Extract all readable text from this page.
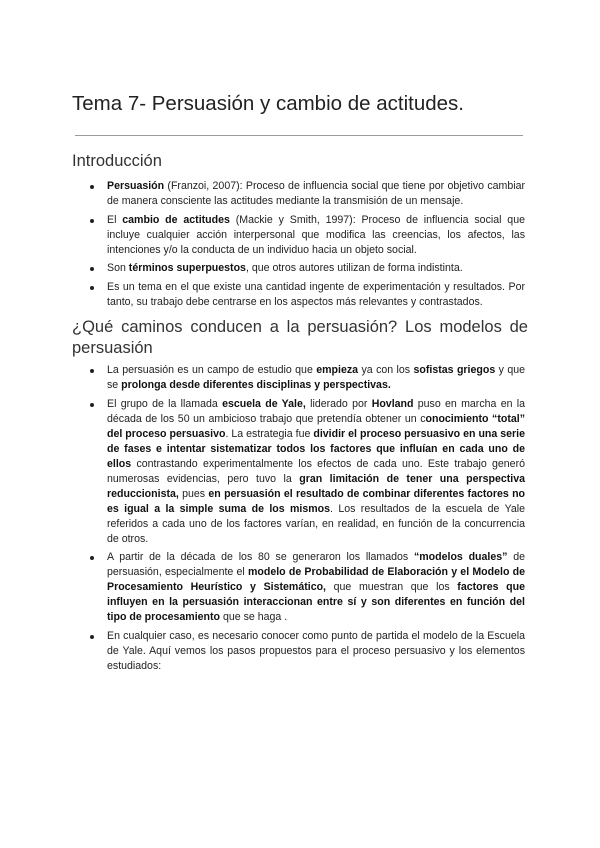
Tema 7- Persuasión y cambio de actitudes.
Introducción
Persuasión (Franzoi, 2007): Proceso de influencia social que tiene por objetivo cambiar de manera consciente las actitudes mediante la transmisión de un mensaje.
El cambio de actitudes (Mackie y Smith, 1997): Proceso de influencia social que incluye cualquier acción interpersonal que modifica las creencias, los afectos, las intenciones y/o la conducta de un individuo hacia un objeto social.
Son términos superpuestos, que otros autores utilizan de forma indistinta.
Es un tema en el que existe una cantidad ingente de experimentación y resultados. Por tanto, su trabajo debe centrarse en los aspectos más relevantes y contrastados.
¿Qué caminos conducen a la persuasión? Los modelos de persuasión
La persuasión es un campo de estudio que empieza ya con los sofistas griegos y que se prolonga desde diferentes disciplinas y perspectivas.
El grupo de la llamada escuela de Yale, liderado por Hovland puso en marcha en la década de los 50 un ambicioso trabajo que pretendía obtener un conocimiento “total” del proceso persuasivo. La estrategia fue dividir el proceso persuasivo en una serie de fases e intentar sistematizar todos los factores que influían en cada uno de ellos contrastando experimentalmente los efectos de cada uno. Este trabajo generó numerosas evidencias, pero tuvo la gran limitación de tener una perspectiva reduccionista, pues en persuasión el resultado de combinar diferentes factores no es igual a la simple suma de los mismos. Los resultados de la escuela de Yale referidos a cada uno de los factores varían, en realidad, en función de la concurrencia de otros.
A partir de la década de los 80 se generaron los llamados “modelos duales” de persuasión, especialmente el modelo de Probabilidad de Elaboración y el Modelo de Procesamiento Heurístico y Sistemático, que muestran que los factores que influyen en la persuasión interaccionan entre sí y son diferentes en función del tipo de procesamiento que se haga .
En cualquier caso, es necesario conocer como punto de partida el modelo de la Escuela de Yale. Aquí vemos los pasos propuestos para el proceso persuasivo y los elementos estudiados:
